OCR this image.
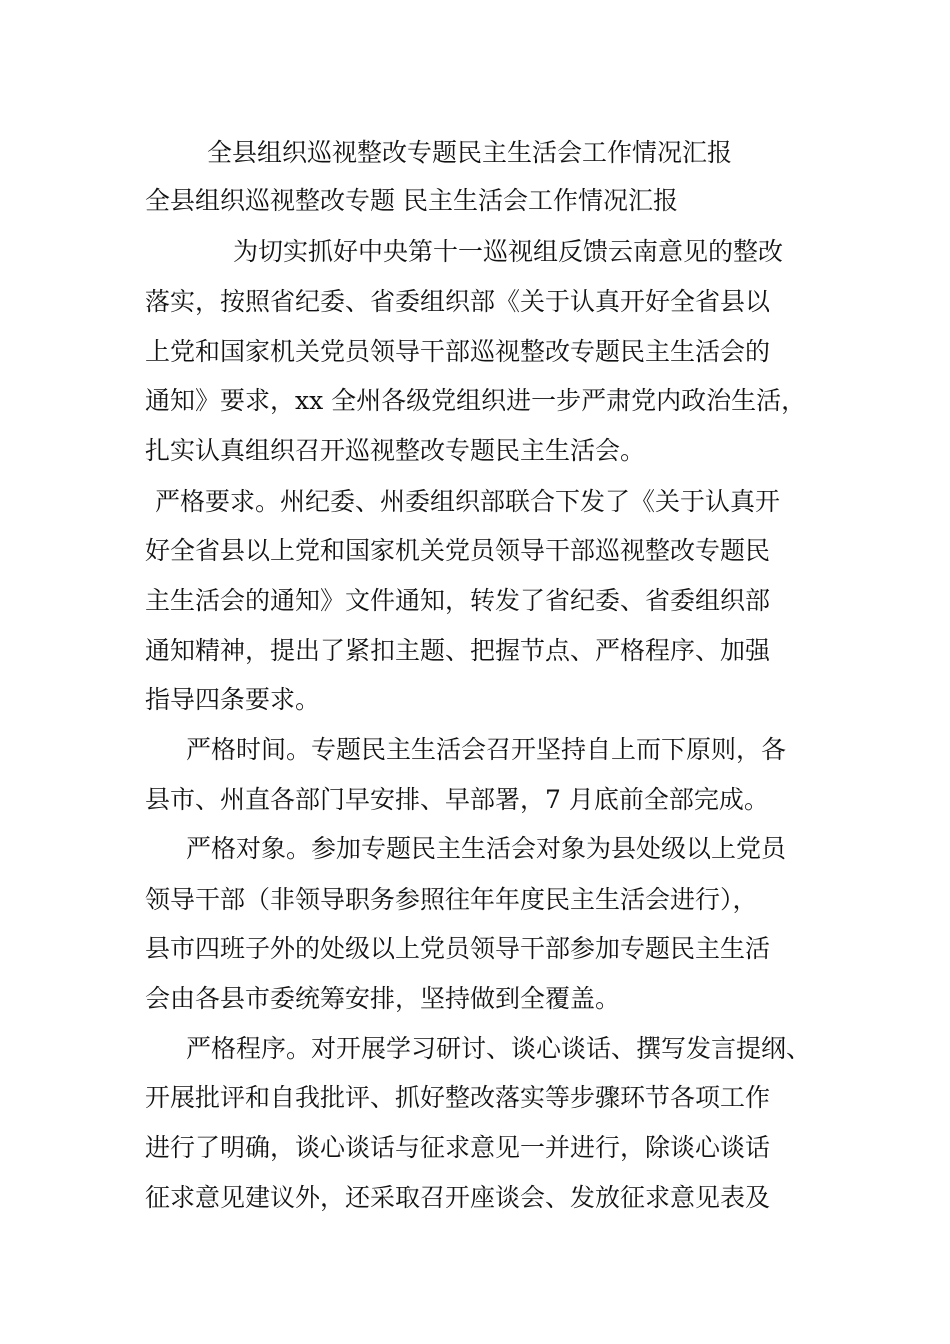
全县组织巡视整改专题民主生活会工作情况汇报
全县组织巡视整改专题 民主生活会工作情况汇报
为切实抓好中央第十一巡视组反馈云南意见的整改
落实，按照省纪委、省委组织部《关于认真开好全省县以
上党和国家机关党员领导干部巡视整改专题民主生活会的
通知》要求，xx 全州各级党组织进一步严肃党内政治生活，
扎实认真组织召开巡视整改专题民主生活会。
严格要求。州纪委、州委组织部联合下发了《关于认真开
好全省县以上党和国家机关党员领导干部巡视整改专题民
主生活会的通知》文件通知，转发了省纪委、省委组织部
通知精神，提出了紧扣主题、把握节点、严格程序、加强
指导四条要求。
严格时间。专题民主生活会召开坚持自上而下原则，各
县市、州直各部门早安排、早部署，7 月底前全部完成。
严格对象。参加专题民主生活会对象为县处级以上党员
领导干部（非领导职务参照往年年度民主生活会进行），
县市四班子外的处级以上党员领导干部参加专题民主生活
会由各县市委统筹安排，坚持做到全覆盖。
严格程序。对开展学习研讨、谈心谈话、撰写发言提纲、
开展批评和自我批评、抓好整改落实等步骤环节各项工作
进行了明确，谈心谈话与征求意见一并进行，除谈心谈话
征求意见建议外，还采取召开座谈会、发放征求意见表及
